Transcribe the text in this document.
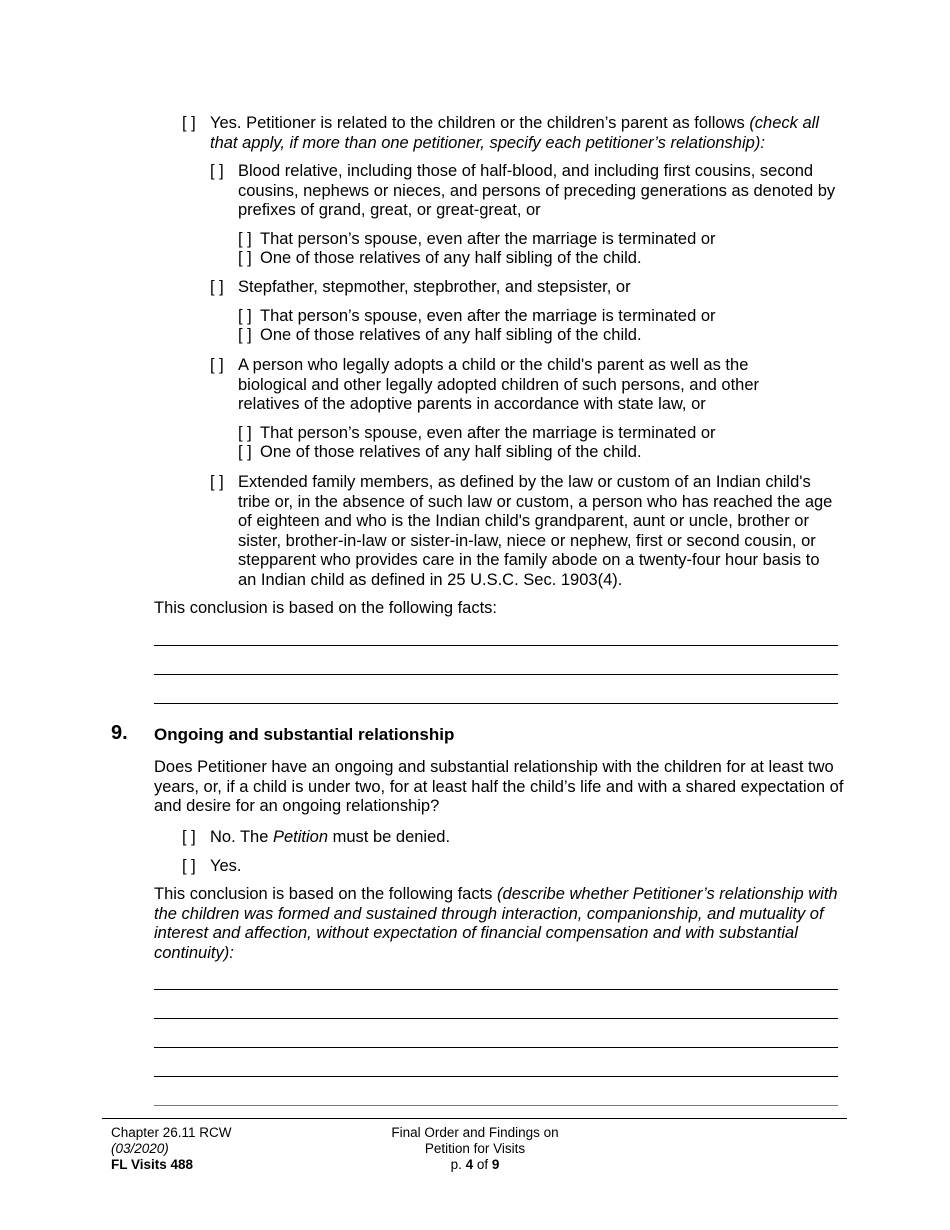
[ ] Yes. Petitioner is related to the children or the children’s parent as follows (check all that apply, if more than one petitioner, specify each petitioner’s relationship):
[ ] Blood relative, including those of half-blood, and including first cousins, second cousins, nephews or nieces, and persons of preceding generations as denoted by prefixes of grand, great, or great-great, or
[ ] That person’s spouse, even after the marriage is terminated or
[ ] One of those relatives of any half sibling of the child.
[ ] Stepfather, stepmother, stepbrother, and stepsister, or
[ ] That person’s spouse, even after the marriage is terminated or
[ ] One of those relatives of any half sibling of the child.
[ ] A person who legally adopts a child or the child's parent as well as the biological and other legally adopted children of such persons, and other relatives of the adoptive parents in accordance with state law, or
[ ] That person’s spouse, even after the marriage is terminated or
[ ] One of those relatives of any half sibling of the child.
[ ] Extended family members, as defined by the law or custom of an Indian child's tribe or, in the absence of such law or custom, a person who has reached the age of eighteen and who is the Indian child's grandparent, aunt or uncle, brother or sister, brother-in-law or sister-in-law, niece or nephew, first or second cousin, or stepparent who provides care in the family abode on a twenty-four hour basis to an Indian child as defined in 25 U.S.C. Sec. 1903(4).
This conclusion is based on the following facts:
9. Ongoing and substantial relationship
Does Petitioner have an ongoing and substantial relationship with the children for at least two years, or, if a child is under two, for at least half the child’s life and with a shared expectation of and desire for an ongoing relationship?
[ ] No. The Petition must be denied.
[ ] Yes.
This conclusion is based on the following facts (describe whether Petitioner’s relationship with the children was formed and sustained through interaction, companionship, and mutuality of interest and affection, without expectation of financial compensation and with substantial continuity):
Chapter 26.11 RCW
(03/2020)
FL Visits 488
Final Order and Findings on
Petition for Visits
p. 4 of 9
